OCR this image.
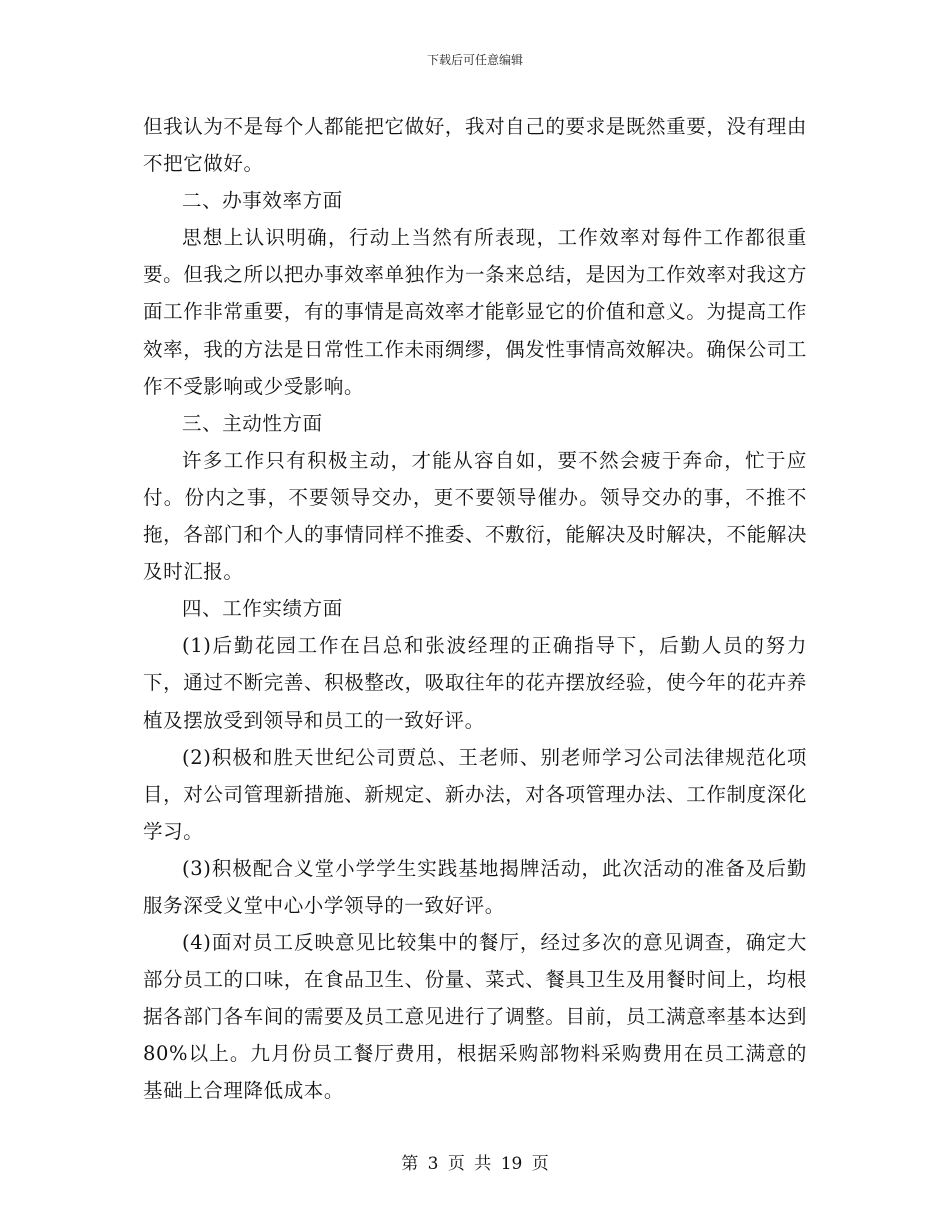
下载后可任意编辑

但我认为不是每个人都能把它做好，我对自己的要求是既然重要，没有理由不把它做好。

二、办事效率方面

思想上认识明确，行动上当然有所表现，工作效率对每件工作都很重要。但我之所以把办事效率单独作为一条来总结，是因为工作效率对我这方面工作非常重要，有的事情是高效率才能彰显它的价值和意义。为提高工作效率，我的方法是日常性工作未雨绸缪，偶发性事情高效解决。确保公司工作不受影响或少受影响。

三、主动性方面

许多工作只有积极主动，才能从容自如，要不然会疲于奔命，忙于应付。份内之事，不要领导交办，更不要领导催办。领导交办的事，不推不拖，各部门和个人的事情同样不推委、不敷衍，能解决及时解决，不能解决及时汇报。

四、工作实绩方面

(1)后勤花园工作在吕总和张波经理的正确指导下，后勤人员的努力下，通过不断完善、积极整改，吸取往年的花卉摆放经验，使今年的花卉养植及摆放受到领导和员工的一致好评。

(2)积极和胜天世纪公司贾总、王老师、别老师学习公司法律规范化项目，对公司管理新措施、新规定、新办法，对各项管理办法、工作制度深化学习。

(3)积极配合义堂小学学生实践基地揭牌活动，此次活动的准备及后勤服务深受义堂中心小学领导的一致好评。

(4)面对员工反映意见比较集中的餐厅，经过多次的意见调查，确定大部分员工的口味，在食品卫生、份量、菜式、餐具卫生及用餐时间上，均根据各部门各车间的需要及员工意见进行了调整。目前，员工满意率基本达到80%以上。九月份员工餐厅费用，根据采购部物料采购费用在员工满意的基础上合理降低成本。

第 3 页 共 19 页
